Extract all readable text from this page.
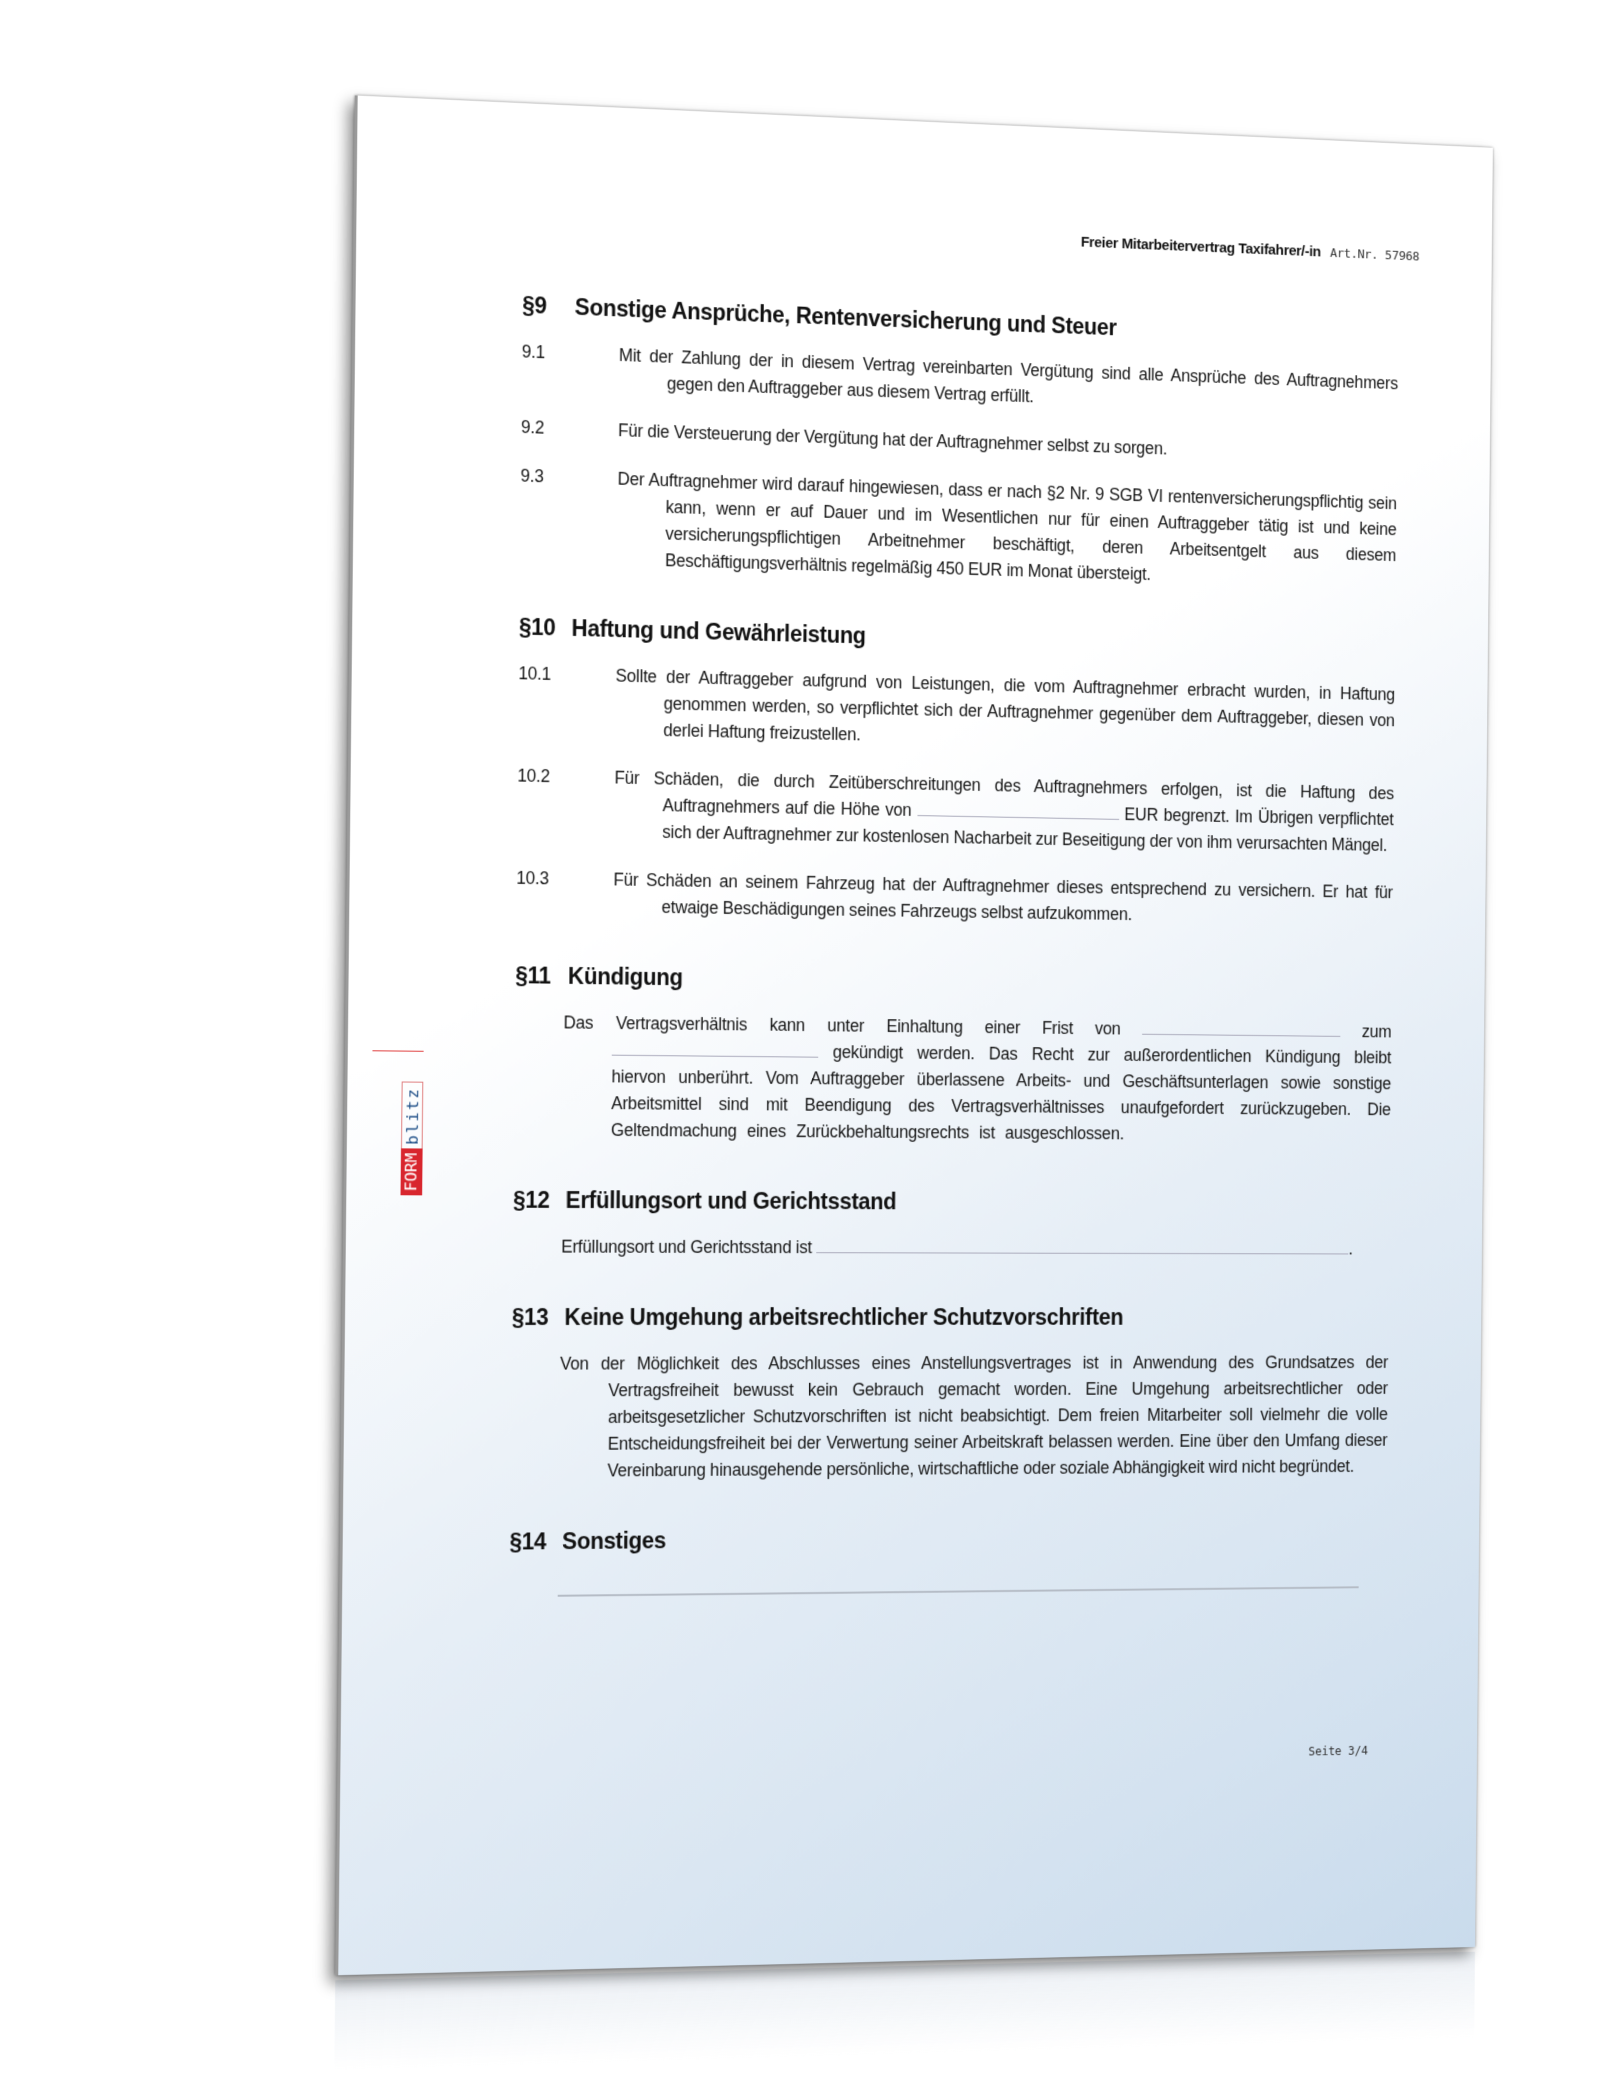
Freier Mitarbeitervertrag Taxifahrer/-in Art.Nr. 57968
FORM
blitz
§9 Sonstige Ansprüche, Rentenversicherung und Steuer
9.1	Mit der Zahlung der in diesem Vertrag vereinbarten Vergütung sind alle Ansprüche des Auftragnehmers gegen den Auftraggeber aus diesem Vertrag erfüllt.
9.2	Für die Versteuerung der Vergütung hat der Auftragnehmer selbst zu sorgen.
9.3	Der Auftragnehmer wird darauf hingewiesen, dass er nach §2 Nr. 9 SGB VI rentenversicherungspflichtig sein kann, wenn er auf Dauer und im Wesentlichen nur für einen Auftraggeber tätig ist und keine versicherungspflichtigen Arbeitnehmer beschäftigt, deren Arbeitsentgelt aus diesem Beschäftigungsverhältnis regelmäßig 450 EUR im Monat übersteigt.
§10 Haftung und Gewährleistung
10.1	Sollte der Auftraggeber aufgrund von Leistungen, die vom Auftragnehmer erbracht wurden, in Haftung genommen werden, so verpflichtet sich der Auftragnehmer gegenüber dem Auftraggeber, diesen von derlei Haftung freizustellen.
10.2	Für Schäden, die durch Zeitüberschreitungen des Auftragnehmers erfolgen, ist die Haftung des Auftragnehmers auf die Höhe von	EUR begrenzt. Im Übrigen verpflichtet sich der Auftragnehmer zur kostenlosen Nacharbeit zur Beseitigung der von ihm verursachten Mängel.
10.3	Für Schäden an seinem Fahrzeug hat der Auftragnehmer dieses entsprechend zu versichern. Er hat für etwaige Beschädigungen seines Fahrzeugs selbst aufzukommen.
§11 Kündigung
Das Vertragsverhältnis kann unter Einhaltung einer Frist von	zum  gekündigt werden. Das Recht zur außerordentlichen Kündigung bleibt hiervon unberührt. Vom Auftraggeber überlassene Arbeits- und Geschäftsunterlagen sowie sonstige Arbeitsmittel sind mit Beendigung des Vertragsverhältnisses unaufgefordert zurückzugeben. Die Geltendmachung eines Zurückbehaltungsrechts ist ausgeschlossen.
§12 Erfüllungsort und Gerichtsstand
Erfüllungsort und Gerichtsstand ist	.
§13 Keine Umgehung arbeitsrechtlicher Schutzvorschriften
Von der Möglichkeit des Abschlusses eines Anstellungsvertrages ist in Anwendung des Grundsatzes der Vertragsfreiheit bewusst kein Gebrauch gemacht worden. Eine Umgehung arbeitsrechtlicher oder arbeitsgesetzlicher Schutzvorschriften ist nicht beabsichtigt. Dem freien Mitarbeiter soll vielmehr die volle Entscheidungsfreiheit bei der Verwertung seiner Arbeitskraft belassen werden. Eine über den Umfang dieser Vereinbarung hinausgehende persönliche, wirtschaftliche oder soziale Abhängigkeit wird nicht begründet.
§14 Sonstiges
Seite 3/4
